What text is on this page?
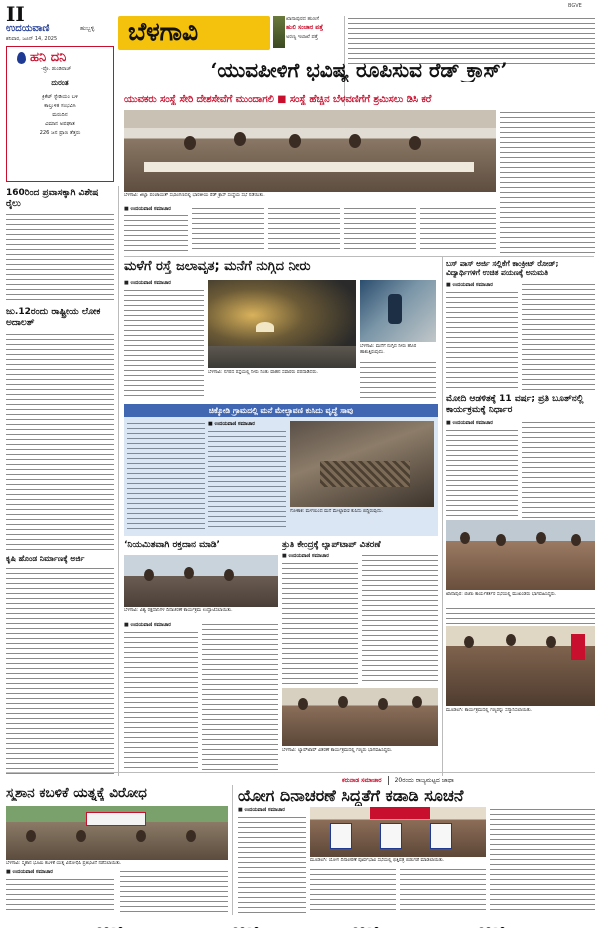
II
ಉದಯವಾಣಿ	ಹುಬ್ಬಳ್ಳಿ
ಶನಿವಾರ, ಜೂನ್ 14, 2025	ಬೆಳಗಾವಿ	ಖಾನಾಪುರದ ಹುಣಸೆ
ಹುಲಿ ಸಂಚಾರ ಪತ್ತೆ
ಅರಣ್ಯ ಇಲಾಖೆ ಪತ್ತೆ
BGVE
ಹನಿ ದನಿ
-ಪ್ರೊ. ಡುಂಡಿರಾಜ್
ದುರಂತ
ಕ್ರಿಕೆಟ್ ಸ್ಟೇಡಿಯಂ ಬಳಿ
ಕಾಲ್ತುಳಿತ ಸಂಭವಿಸಿ
ಮರುದಿನ
ವಿಮಾನ ಅಪಘಾತ
226 ಜನ ಪ್ರಾಣ ತೆತ್ತರು
‘ಯುವಪೀಳಿಗೆ ಭವಿಷ್ಯ ರೂಪಿಸುವ ರೆಡ್ ಕ್ರಾಸ್’
ಯುವಕರು ಸಂಸ್ಥೆ ಸೇರಿ ದೇಶಸೇವೆಗೆ ಮುಂದಾಗಲಿ ■ ಸಂಸ್ಥೆ ಹೆಚ್ಚಿನ ಬೆಳವಣಿಗೆಗೆ ಶ್ರಮಿಸಲು ಡಿಸಿ ಕರೆ
ಬೆಳಗಾವಿ: ಜಿಲ್ಲಾ ಪಂಚಾಯತ್ ಸಭಾಂಗಣದಲ್ಲಿ ಭಾರತೀಯ ರೆಡ್ ಕ್ರಾಸ್ ಸಂಸ್ಥೆಯ ಸಭೆ ನಡೆಯಿತು.
■ ಉದಯವಾಣಿ ಸಮಾಚಾರ
160ರಿಂದ ಪ್ರವಾಸಕ್ಕಾಗಿ ವಿಶೇಷ ರೈಲು
ಜು.12ರಂದು ರಾಷ್ಟ್ರೀಯ ಲೋಕ ಅದಾಲತ್
ಕೃಷಿ ಹೊಂಡ ನಿರ್ಮಾಣಕ್ಕೆ ಅರ್ಜಿ
ಮಳೆಗೆ ರಸ್ತೆ ಜಲಾವೃತ; ಮನೆಗೆ ನುಗ್ಗಿದ ನೀರು
■ ಉದಯವಾಣಿ ಸಮಾಚಾರ
ಬೆಳಗಾವಿ: ನಗರದ ರಸ್ತೆಯಲ್ಲಿ ನೀರು ನಿಂತು ವಾಹನ ಸವಾರರು ಪರದಾಡಿದರು.
ಬೆಳಗಾವಿ: ಮನೆಗೆ ನುಗ್ಗಿದ ನೀರು ಹೊರ ಹಾಕುತ್ತಿರುವುದು.
ಚಿಕ್ಕೋಡಿ ಗ್ರಾಮದಲ್ಲಿ ಮನೆ ಮೇಲ್ಛಾವಣಿ ಕುಸಿದು ವೃದ್ಧೆ ಸಾವು
■ ಉದಯವಾಣಿ ಸಮಾಚಾರ
ಗೋಕಾಕ: ಮಳೆಯಿಂದ ಮನೆ ಮೇಲ್ಛಾವಣಿ ಕುಸಿದು ಬಿದ್ದಿರುವುದು.
‘ನಿಯಮಿತವಾಗಿ ರಕ್ತದಾನ ಮಾಡಿ’
ಬೆಳಗಾವಿ: ವಿಶ್ವ ರಕ್ತದಾನಿಗಳ ದಿನಾಚರಣೆ ಕಾರ್ಯಕ್ರಮ ಉದ್ಘಾಟಿಸಲಾಯಿತು.
■ ಉದಯವಾಣಿ ಸಮಾಚಾರ
ತ್ರುತಿ ಕೇಂದ್ರಕ್ಕೆ ಲ್ಯಾಪ್‌ಟಾಪ್ ವಿತರಣೆ
■ ಉದಯವಾಣಿ ಸಮಾಚಾರ
ಬೆಳಗಾವಿ: ಲ್ಯಾಪ್‌ಟಾಪ್ ವಿತರಣೆ ಕಾರ್ಯಕ್ರಮದಲ್ಲಿ ಗಣ್ಯರು ಭಾಗವಹಿಸಿದ್ದರು.
ಬಸ್ ಪಾಸ್ ಅರ್ಜಿ ಸಲ್ಲಿಕೆಗೆ ಕಾಂಕ್ರೀಟ್ ರೋಡ್; ವಿದ್ಯಾರ್ಥಿಗಳಿಗೆ ಉಚಿತ ಪಯಣಕ್ಕೆ ಅನುಮತಿ
■ ಉದಯವಾಣಿ ಸಮಾಚಾರ
ಮೋದಿ ಆಡಳಿತಕ್ಕೆ 11 ವರ್ಷ; ಪ್ರತಿ ಬೂತ್‌ನಲ್ಲಿ ಕಾರ್ಯಕ್ರಮಕ್ಕೆ ನಿರ್ಧಾರ
■ ಉದಯವಾಣಿ ಸಮಾಚಾರ
ಖಾನಾಪುರ: ಬಿಜೆಪಿ ಕಾರ್ಯಕರ್ತರ ಸಭೆಯಲ್ಲಿ ಮುಖಂಡರು ಭಾಗವಹಿಸಿದ್ದರು.
ಮೂಡಲಗಿ: ಕಾರ್ಯಕ್ರಮದಲ್ಲಿ ಗಣ್ಯರನ್ನು ಸನ್ಮಾನಿಸಲಾಯಿತು.
ಕರುನಾಡ ಸಮಾಚಾರ 20ರಂದು ರಾಜ್ಯಮಟ್ಟದ ಜಾಥಾ
ಸ್ಮಶಾನ ಕಬಳಿಕೆ ಯತ್ನಕ್ಕೆ ವಿರೋಧ
ಬೆಳಗಾವಿ: ಸ್ಮಶಾನ ಭೂಮಿ ಕಬಳಿಕೆ ಯತ್ನ ವಿರೋಧಿಸಿ ಪ್ರತಿಭಟನೆ ನಡೆಸಲಾಯಿತು.
■ ಉದಯವಾಣಿ ಸಮಾಚಾರ
ಯೋಗ ದಿನಾಚರಣೆ ಸಿದ್ಧತೆಗೆ ಕಡಾಡಿ ಸೂಚನೆ
■ ಉದಯವಾಣಿ ಸಮಾಚಾರ
ಮೂಡಲಗಿ: ಯೋಗ ದಿನಾಚರಣೆ ಪೂರ್ವಭಾವಿ ಸಭೆಯಲ್ಲಿ ಭಿತ್ತಿಪತ್ರ ಬಿಡುಗಡೆ ಮಾಡಲಾಯಿತು.
